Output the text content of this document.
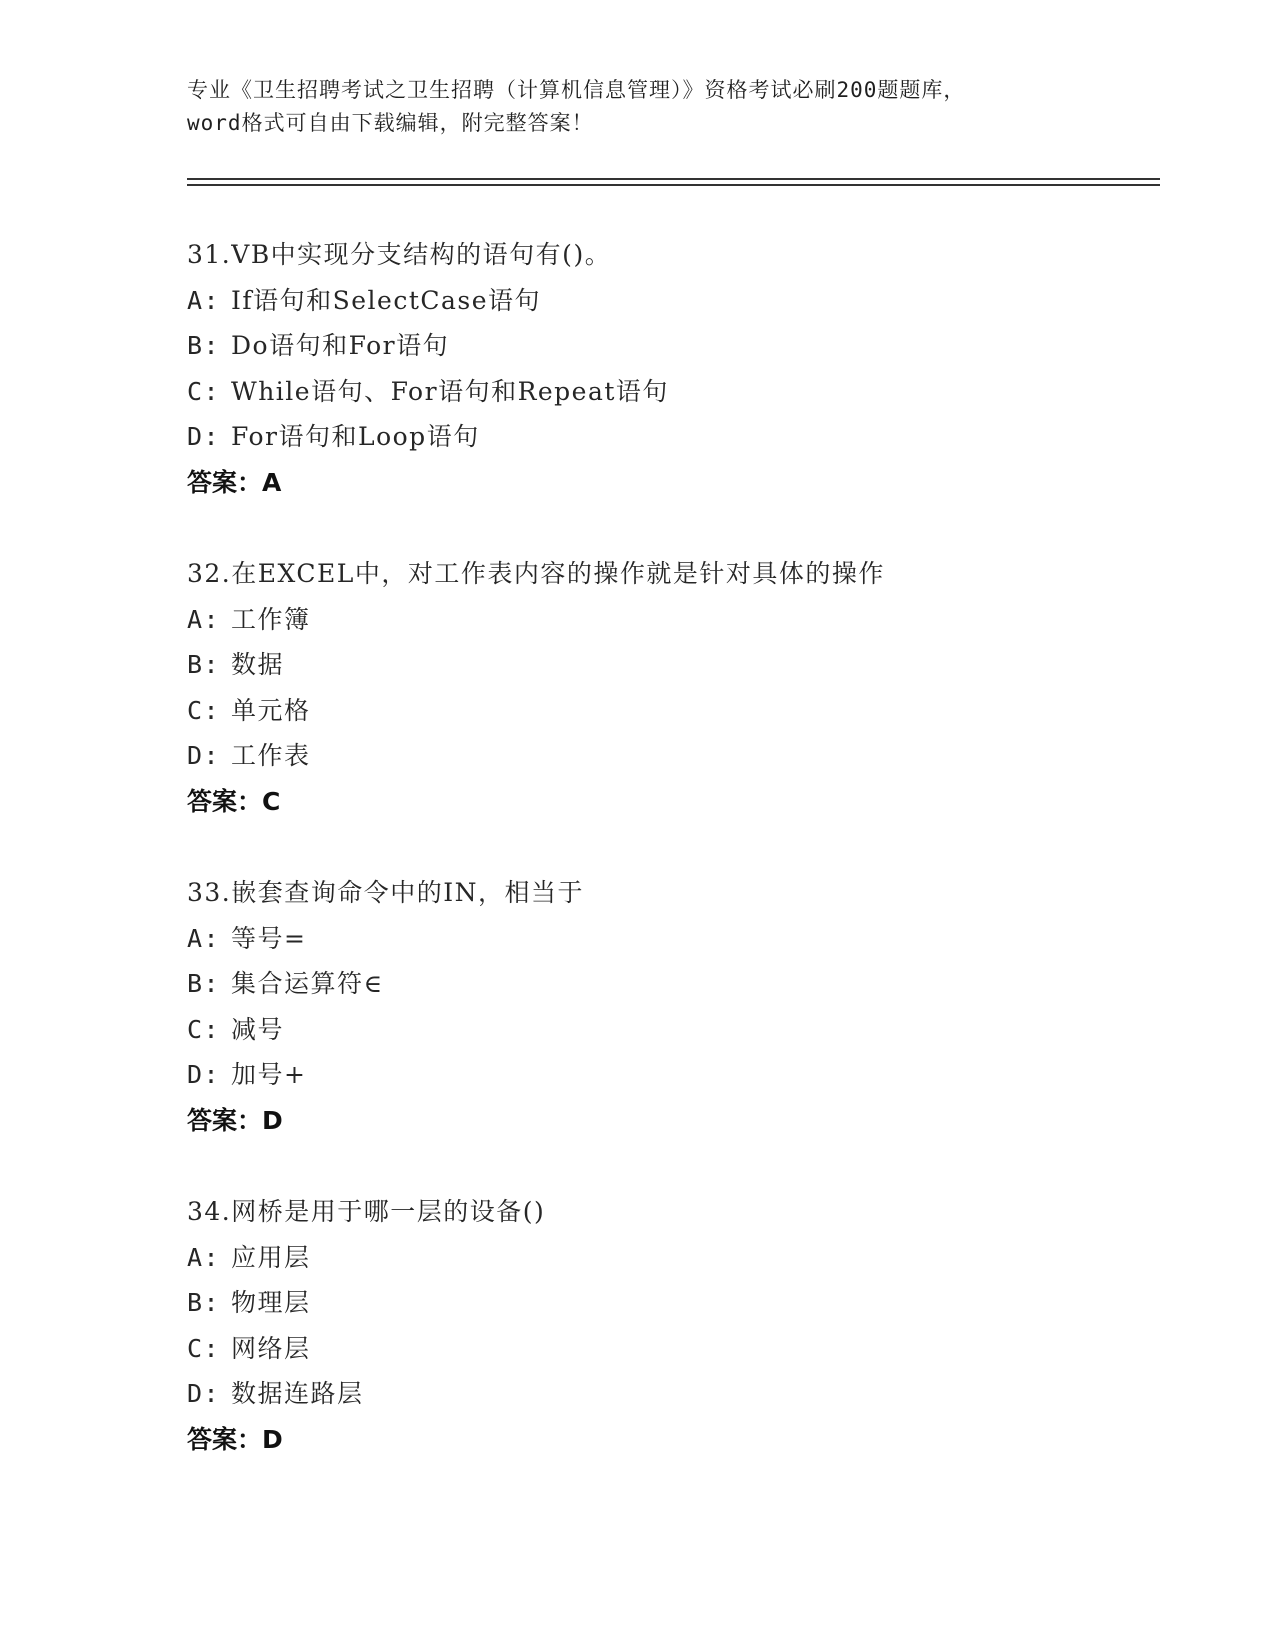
专业《卫生招聘考试之卫生招聘（计算机信息管理）》资格考试必刷200题题库，
word格式可自由下载编辑，附完整答案！
31.VB中实现分支结构的语句有()。
A: If语句和SelectCase语句
B: Do语句和For语句
C: While语句、For语句和Repeat语句
D: For语句和Loop语句
答案：A
32.在EXCEL中，对工作表内容的操作就是针对具体的操作
A: 工作簿
B: 数据
C: 单元格
D: 工作表
答案：C
33.嵌套查询命令中的IN，相当于
A: 等号=
B: 集合运算符∈
C: 减号
D: 加号+
答案：D
34.网桥是用于哪一层的设备()
A: 应用层
B: 物理层
C: 网络层
D: 数据连路层
答案：D
